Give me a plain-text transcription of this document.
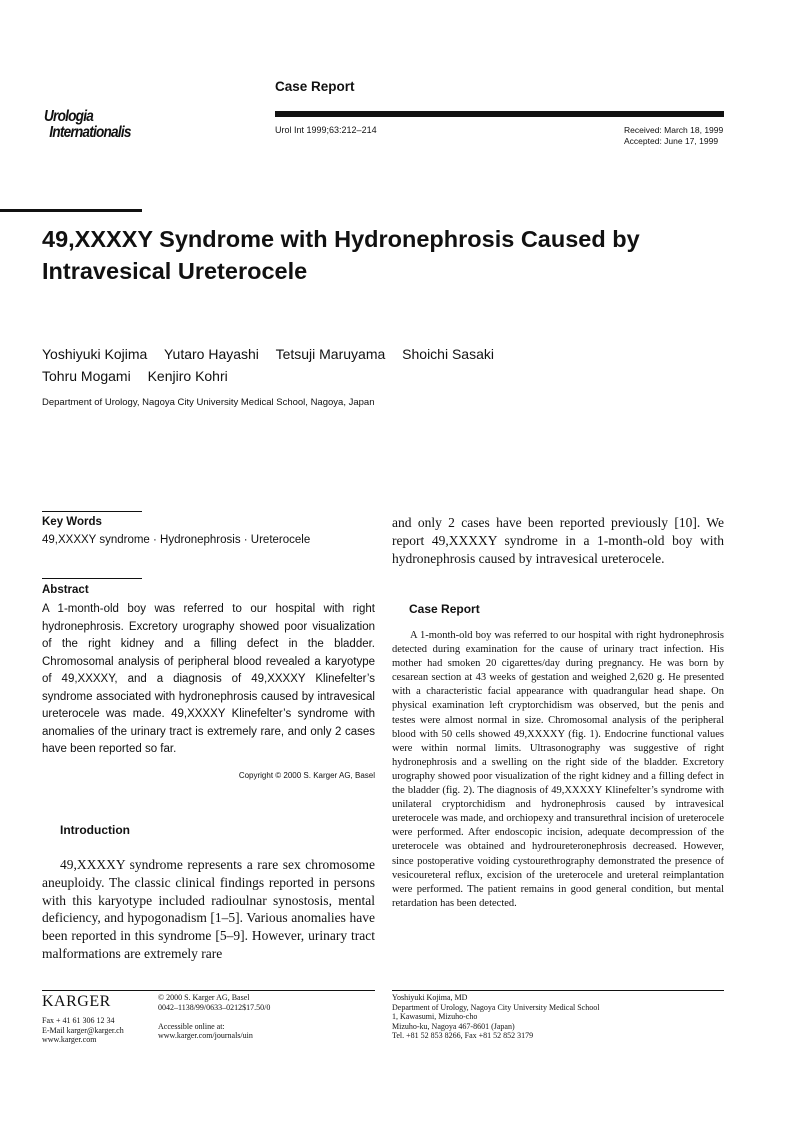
Urologia
Internationalis
Case Report
Urol Int 1999;63:212–214	Received: March 18, 1999
Accepted: June 17, 1999
49,XXXXY Syndrome with Hydronephrosis Caused by Intravesical Ureterocele
Yoshiyuki Kojima Yutaro Hayashi Tetsuji Maruyama Shoichi Sasaki
Tohru Mogami Kenjiro Kohri
Department of Urology, Nagoya City University Medical School, Nagoya, Japan
Key Words
49,XXXXY syndrome · Hydronephrosis · Ureterocele
Abstract
A 1-month-old boy was referred to our hospital with right hydronephrosis. Excretory urography showed poor visualization of the right kidney and a filling defect in the bladder. Chromosomal analysis of peripheral blood revealed a karyotype of 49,XXXXY, and a diagnosis of 49,XXXXY Klinefelter’s syndrome associated with hydronephrosis caused by intravesical ureterocele was made. 49,XXXXY Klinefelter’s syndrome with anomalies of the urinary tract is extremely rare, and only 2 cases have been reported so far.
Copyright © 2000 S. Karger AG, Basel
Introduction
49,XXXXY syndrome represents a rare sex chromosome aneuploidy. The classic clinical findings reported in persons with this karyotype included radioulnar synostosis, mental deficiency, and hypogonadism [1–5]. Various anomalies have been reported in this syndrome [5–9]. However, urinary tract malformations are extremely rare
and only 2 cases have been reported previously [10]. We report 49,XXXXY syndrome in a 1-month-old boy with hydronephrosis caused by intravesical ureterocele.
Case Report
A 1-month-old boy was referred to our hospital with right hydronephrosis detected during examination for the cause of urinary tract infection. His mother had smoken 20 cigarettes/day during pregnancy. He was born by cesarean section at 43 weeks of gestation and weighed 2,620 g. He presented with a characteristic facial appearance with quadrangular head shape. On physical examination left cryptorchidism was observed, but the penis and testes were almost normal in size. Chromosomal analysis of the peripheral blood with 50 cells showed 49,XXXXY (fig. 1). Endocrine functional values were within normal limits. Ultrasonography was suggestive of right hydronephrosis and a swelling on the right side of the bladder. Excretory urography showed poor visualization of the right kidney and a filling defect in the bladder (fig. 2). The diagnosis of 49,XXXXY Klinefelter’s syndrome with unilateral cryptorchidism and hydronephrosis caused by intravesical ureterocele was made, and orchiopexy and transurethral incision of ureterocele were performed. After endoscopic incision, adequate decompression of the ureterocele was obtained and hydroureteronephrosis decreased. However, since postoperative voiding cystourethrography demonstrated the presence of vesicoureteral reflux, excision of the ureterocele and ureteral reimplantation were performed. The patient remains in good general condition, but mental retardation has been detected.
KARGER
Fax + 41 61 306 12 34
E-Mail karger@karger.ch
www.karger.com
© 2000 S. Karger AG, Basel
0042–1138/99/0633–0212$17.50/0
Accessible online at:
www.karger.com/journals/uin
Yoshiyuki Kojima, MD
Department of Urology, Nagoya City University Medical School
1, Kawasumi, Mizuho-cho
Mizuho-ku, Nagoya 467-8601 (Japan)
Tel. +81 52 853 8266, Fax +81 52 852 3179
